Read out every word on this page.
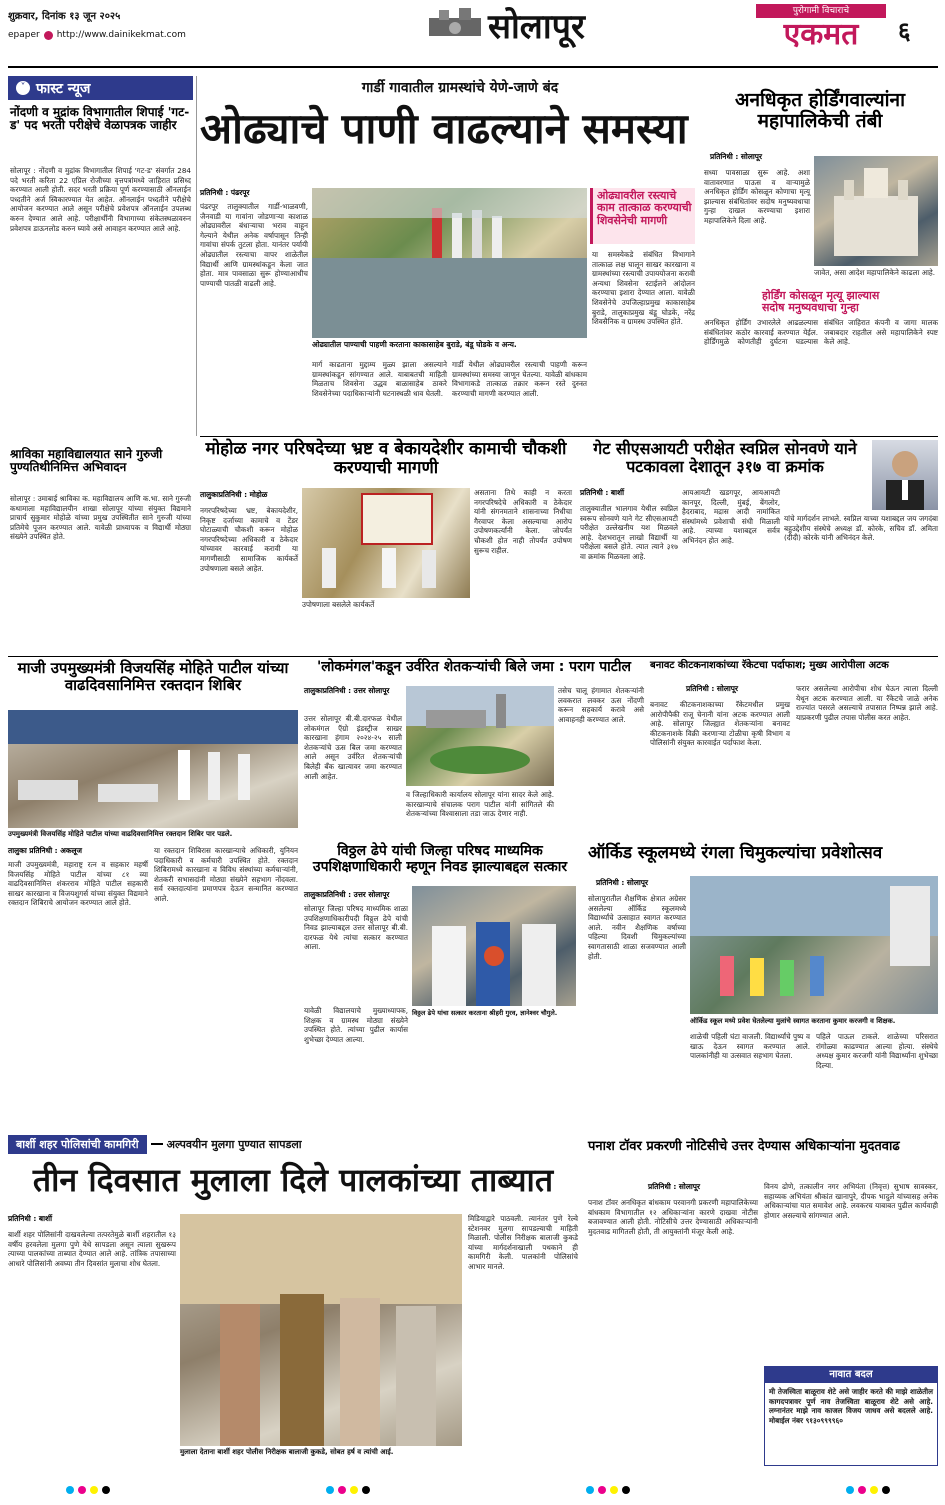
शुक्रवार, दिनांक १३ जून २०२५
epaper http://www.dainikekmat.com	सोलापूर	पुरोगामी विचाराचे
एकमत	६
˅ फास्ट न्यूज
नोंदणी व मुद्रांक विभागातील शिपाई 'गट-ड' पद भरती परीक्षेचे वेळापत्रक जाहीर
सोलापूर : नोंदणी व मुद्रांक विभागातील शिपाई 'गट-ड' संवर्गात 284 पदे भरती करिता 22 एप्रिल रोजीच्या वृत्तपत्रांमध्ये जाहिरात प्रसिध्द करण्यात आली होती. सदर भरती प्रक्रिया पूर्ण करण्यासाठी ऑनलाईन पध्दतीने अर्ज स्विकारण्यात येत आहेत. ऑनलाईन पध्दतीने परीक्षेचे आयोजन करण्यात आले असून परीक्षेचे प्रवेशपत्र ऑनलाईन उपलब्ध करुन देण्यात आले आहे. परीक्षार्थींनी विभागाच्या संकेतस्थळावरुन प्रवेशपत्र डाऊनलोड करुन घ्यावे असे आवाहन करण्यात आले आहे.
श्राविका महाविद्यालयात साने गुरुजी पुण्यतिथीनिमित्त अभिवादन
सोलापूर : उमाबाई श्राविका क. महाविद्यालय आणि क.भा. साने गुरुजी कथामाला महाविद्यालयीन शाखा सोलापूर यांच्या संयुक्त विद्यमाने प्राचार्य सुकुमार मोहोळे यांच्या प्रमुख उपस्थितीत साने गुरुजी यांच्या प्रतिमेचे पूजन करण्यात आले. यावेळी प्राध्यापक व विद्यार्थी मोठ्या संख्येने उपस्थित होते.
गार्डी गावातील ग्रामस्थांचे येणे-जाणे बंद
ओढ्याचे पाणी वाढल्याने समस्या
प्रतिनिधी : पंढरपूर
पंढरपूर तालुक्यातील गार्डी-भाळवणी, जैनवाडी या गावांना जोडणाऱ्या काशाळ ओढ्यावरील बंधाऱ्याचा भराव वाहून गेल्याने येथील अनेक वर्षापासून तिन्ही गावांचा संपर्क तुटला होता. यानंतर पर्यायी ओढ्यातील रस्त्याचा वापर शाळेतील विद्यार्थी आणि ग्रामस्थांकडून केला जात होता. मात्र पावसाळा सुरू होण्याआधीच पाण्याची पातळी वाढली आहे.
ओढ्यातील पाण्याची पाहणी करताना काकासाहेब बुराडे, बंडू घोडके व अन्य.
मार्ग काढताना मुद्दाम्य मुळ्य झाला असल्याने ग्रामस्थांकडून सांगण्यात आले. याबाबतची माहिती मिळताच शिवसेना उद्धव बाळासाहेब ठाकरे शिवसेनेच्या पदाधिकाऱ्यांनी घटनास्थळी धाव घेतली.
गार्डी येथील ओढ्यावरील रस्त्याची पाहणी करून ग्रामस्थांच्या समस्या जाणून घेतल्या. यावेळी बांधकाम विभागाकडे तात्काळ तक्रार करून रस्ते दुरुस्त करण्याची मागणी करण्यात आली.
ओढ्यावरील रस्त्याचे काम तात्काळ करण्याची शिवसेनेची मागणी
या समस्येकडे संबंधित विभागाने तात्काळ लक्ष घालून साखर कारखाना व ग्रामस्थांच्या रस्त्याची उपाययोजना करावी अन्यथा शिवसेना स्टाईलने आंदोलन करण्याचा इशारा देण्यात आला. यावेळी शिवसेनेचे उपजिल्हाप्रमुख काकासाहेब बुराडे, तालुकाप्रमुख बंडू घोडके, नरेंद्र शिवसैनिक व ग्रामस्थ उपस्थित होते.
अनधिकृत होर्डिंगवाल्यांना महापालिकेची तंबी
प्रतिनिधी : सोलापूर
सध्या पावसाळा सुरू आहे. अशा वातावरणात पाऊस व वाऱ्यामुळे अनधिकृत होर्डिंग कोसळून कोणाचा मृत्यू झाल्यास संबंधितांवर सदोष मनुष्यवधाचा गुन्हा दाखल करण्याचा इशारा महापालिकेने दिला आहे.
जावेत, असा आदेश महापालिकेने काढला आहे.
होर्डिंग कोसळून मृत्यू झाल्यास सदोष मनुष्यवधाचा गुन्हा
अनधिकृत होर्डिंग उभारलेले आढळल्यास संबंधितांवर कठोर कारवाई करण्यात येईल. होर्डिंगमुळे कोणतीही दुर्घटना घडल्यास संबंधित जाहिरात कंपनी व जागा मालक जबाबदार राहतील असे महापालिकेने स्पष्ट केले आहे.
मोहोळ नगर परिषदेच्या भ्रष्ट व बेकायदेशीर कामाची चौकशी करण्याची मागणी
तालुकाप्रतिनिधी : मोहोळ
नगरपरिषदेच्या भ्रष्ट, बेकायदेशीर, निकृष्ट दर्जाच्या कामाचे व टेंडर घोटाळ्याची चौकशी करून मोहोळ नगरपरिषदेच्या अधिकारी व ठेकेदार यांच्यावर कारवाई करावी या मागणीसाठी सामाजिक कार्यकर्ते उपोषणाला बसले आहेत.
उपोषणाला बसलेले कार्यकर्ते
असताना तिथे काही न करता नगरपरिषदेचे अधिकारी व ठेकेदार यांनी संगनमताने शासनाच्या निधीचा गैरवापर केला असल्याचा आरोप उपोषणकर्त्यांनी केला. जोपर्यंत चौकशी होत नाही तोपर्यंत उपोषण सुरूच राहील.
गेट सीएसआयटी परीक्षेत स्वप्निल सोनवणे याने पटकावला देशातून ३१७ वा क्रमांक
प्रतिनिधी : बार्शी
तालुक्यातील भालगाव येथील स्वप्निल स्वरूप सोनवणे याने गेट सीएसआयटी परीक्षेत उल्लेखनीय यश मिळवले आहे. देशभरातून लाखो विद्यार्थी या परीक्षेला बसले होते. त्यात त्याने ३१७ वा क्रमांक मिळवला आहे.
आयआयटी खडगपूर, आयआयटी कानपूर, दिल्ली, मुंबई, बेंगलोर, हैदराबाद, मद्रास आदी नामांकित संस्थांमध्ये प्रवेशाची संधी मिळाली आहे. त्याच्या यशाबद्दल सर्वत्र अभिनंदन होत आहे.
यांचे मार्गदर्शन लाभले. स्वप्निल याच्या यशाबद्दल जय जगदंबा बहुउद्देशीय संस्थेचे अध्यक्ष डॉ. कोरके, सचिव डॉ. अमिता (दीदी) कोरके यांनी अभिनंदन केले.
माजी उपमुख्यमंत्री विजयसिंह मोहिते पाटील यांच्या वाढदिवसानिमित्त रक्तदान शिबिर
उपमुख्यमंत्री विजयसिंह मोहिते पाटील यांच्या वाढदिवसानिमित्त रक्तदान शिबिर पार पडले.
तालुका प्रतिनिधी : अकलूज
माजी उपमुख्यमंत्री, महाराष्ट्र रत्न व सहकार महर्षी विजयसिंह मोहिते पाटील यांच्या ८१ व्या वाढदिवसानिमित्त शंकरराव मोहिते पाटील सहकारी साखर कारखाना व विजयशुगर्स यांच्या संयुक्त विद्यमाने रक्तदान शिबिराचे आयोजन करण्यात आले होते.
या रक्तदान शिबिरास कारखान्याचे अधिकारी, युनियन पदाधिकारी व कर्मचारी उपस्थित होते. रक्तदान शिबिरामध्ये कारखाना व विविध संस्थांच्या कर्मचाऱ्यांनी, शेतकरी सभासदांनी मोठ्या संख्येने सहभाग नोंदवला. सर्व रक्तदात्यांना प्रमाणपत्र देऊन सन्मानित करण्यात आले.
'लोकमंगल'कडून उर्वरित शेतकऱ्यांची बिले जमा : पराग पाटील
तालुकाप्रतिनिधी : उत्तर सोलापूर
उत्तर सोलापूर बी.बी.दारफळ येथील लोकमंगल ऍग्रो इंडस्ट्रीज साखर कारखाना हंगाम २०२४-२५ साली शेतकऱ्यांचे ऊस बिल जमा करण्यात आले असून उर्वरित शेतकऱ्यांची बिलेही बँक खात्यावर जमा करण्यात आली आहेत.
व जिल्हाधिकारी कार्यालय सोलापूर यांना सादर केले आहे. कारखान्याचे संचालक पराग पाटील यांनी सांगितले की शेतकऱ्यांच्या विश्वासाला तडा जाऊ देणार नाही.
तसेच चालू हंगामात शेतकऱ्यांनी लवकरात लवकर ऊस नोंदणी करून सहकार्य करावे असे आवाहनही करण्यात आले.
बनावट कीटकनाशकांच्या रॅकेटचा पर्दाफाश; मुख्य आरोपीला अटक
प्रतिनिधी : सोलापूर
बनावट कीटकनाशकाच्या रॅकेटमधील प्रमुख आरोपीपैकी राजू चेनानी यांना अटक करण्यात आली आहे. सोलापूर जिल्ह्यात शेतकऱ्यांना बनावट कीटकनाशके विक्री करणाऱ्या टोळीचा कृषी विभाग व पोलिसांनी संयुक्त कारवाईत पर्दाफाश केला.
फरार असलेल्या आरोपीचा शोध घेऊन त्याला दिल्ली येथून अटक करण्यात आली. या रॅकेटचे जाळे अनेक राज्यांत पसरले असल्याचे तपासात निष्पन्न झाले आहे. याप्रकरणी पुढील तपास पोलीस करत आहेत.
विठ्ठल ढेपे यांची जिल्हा परिषद माध्यमिक उपशिक्षणाधिकारी म्हणून निवड झाल्याबद्दल सत्कार
तालुकाप्रतिनिधी : उत्तर सोलापूर
सोलापूर जिल्हा परिषद माध्यमिक शाळा उपशिक्षणाधिकारीपदी विठ्ठल ढेपे यांची निवड झाल्याबद्दल उत्तर सोलापूर बी.बी. दारफळ येथे त्यांचा सत्कार करण्यात आला.
यावेळी विद्यालयाचे मुख्याध्यापक, शिक्षक व ग्रामस्थ मोठ्या संख्येने उपस्थित होते. त्यांच्या पुढील कार्यास शुभेच्छा देण्यात आल्या.
विठ्ठल ढेपे यांचा सत्कार करताना श्रीहरी गुरव, ज्ञानेश्वर चौगुले.
ऑर्किड स्कूलमध्ये रंगला चिमुकल्यांचा प्रवेशोत्सव
प्रतिनिधी : सोलापूर
सोलापुरातील शैक्षणिक क्षेत्रात अग्रेसर असलेल्या ऑर्किड स्कूलमध्ये विद्यार्थ्यांचे उत्साहात स्वागत करण्यात आले. नवीन शैक्षणिक वर्षाच्या पहिल्या दिवशी चिमुकल्यांच्या स्वागतासाठी शाळा सजवण्यात आली होती.
ऑर्किड स्कूल मध्ये प्रवेश घेतलेल्या मुलांचे स्वागत करताना कुमार करजगी व शिक्षक.
शाळेची पहिली घंटा वाजली. विद्यार्थ्यांचे पुष्प व खाऊ देऊन स्वागत करण्यात आले. पालकांनीही या उत्सवात सहभाग घेतला.
पहिले पाऊल टाकले. शाळेच्या परिसरात रांगोळ्या काढण्यात आल्या होत्या. संस्थेचे अध्यक्ष कुमार करजगी यांनी विद्यार्थ्यांना शुभेच्छा दिल्या.
बार्शी शहर पोलिसांची कामगिरी	अल्पवयीन मुलगा पुण्यात सापडला
तीन दिवसात मुलाला दिले पालकांच्या ताब्यात
प्रतिनिधी : बार्शी
बार्शी शहर पोलिसांनी दाखवलेल्या तत्परतेमुळे बार्शी शहरातील १३ वर्षीय हरवलेला मुलगा पुणे येथे सापडला असून त्याला सुखरूप त्याच्या पालकांच्या ताब्यात देण्यात आले आहे. तांत्रिक तपासाच्या आधारे पोलिसांनी अवघ्या तीन दिवसांत मुलाचा शोध घेतला.
मुलाला देताना बार्शी शहर पोलीस निरीक्षक बालाजी कुकडे, सोबत हर्ष व त्यांची आई.
मिडियाद्वारे पाठवली. त्यानंतर पुणे रेल्वे स्टेशनवर मुलगा सापडल्याची माहिती मिळाली. पोलीस निरीक्षक बालाजी कुकडे यांच्या मार्गदर्शनाखाली पथकाने ही कामगिरी केली. पालकांनी पोलिसांचे आभार मानले.
पनाश टॉवर प्रकरणी नोटिसीचे उत्तर देण्यास अधिकाऱ्यांना मुदतवाढ
प्रतिनिधी : सोलापूर
पनाश टॉवर अनधिकृत बांधकाम परवानगी प्रकरणी महापालिकेच्या बांधकाम विभागातील १२ अधिकाऱ्यांना कारणे दाखवा नोटीस बजावण्यात आली होती. नोटिसीचे उत्तर देण्यासाठी अधिकाऱ्यांनी मुदतवाढ मागितली होती, ती आयुक्तांनी मंजूर केली आहे.
विनय ढोणे, तत्कालीन नगर अभियंता (निवृत्त) सुभाष सावस्कर, सहाय्यक अभियंता श्रीकांत खानापुरे, दीपक भादुले यांच्यासह अनेक अधिकाऱ्यांचा यात समावेश आहे. लवकरच याबाबत पुढील कार्यवाही होणार असल्याचे सांगण्यात आले.
नावात बदल
मी तेजस्विता बाळूराव शेटे असे जाहीर करते की माझे शाळेतील कागदपत्रावर पूर्ण नाव तेजस्विता बाळूराव शेटे असे आहे. लग्नानंतर माझे नाव काजल विजय जाधव असे बदलले आहे. मोबाईल नंबर ९१३०९९९९६०
